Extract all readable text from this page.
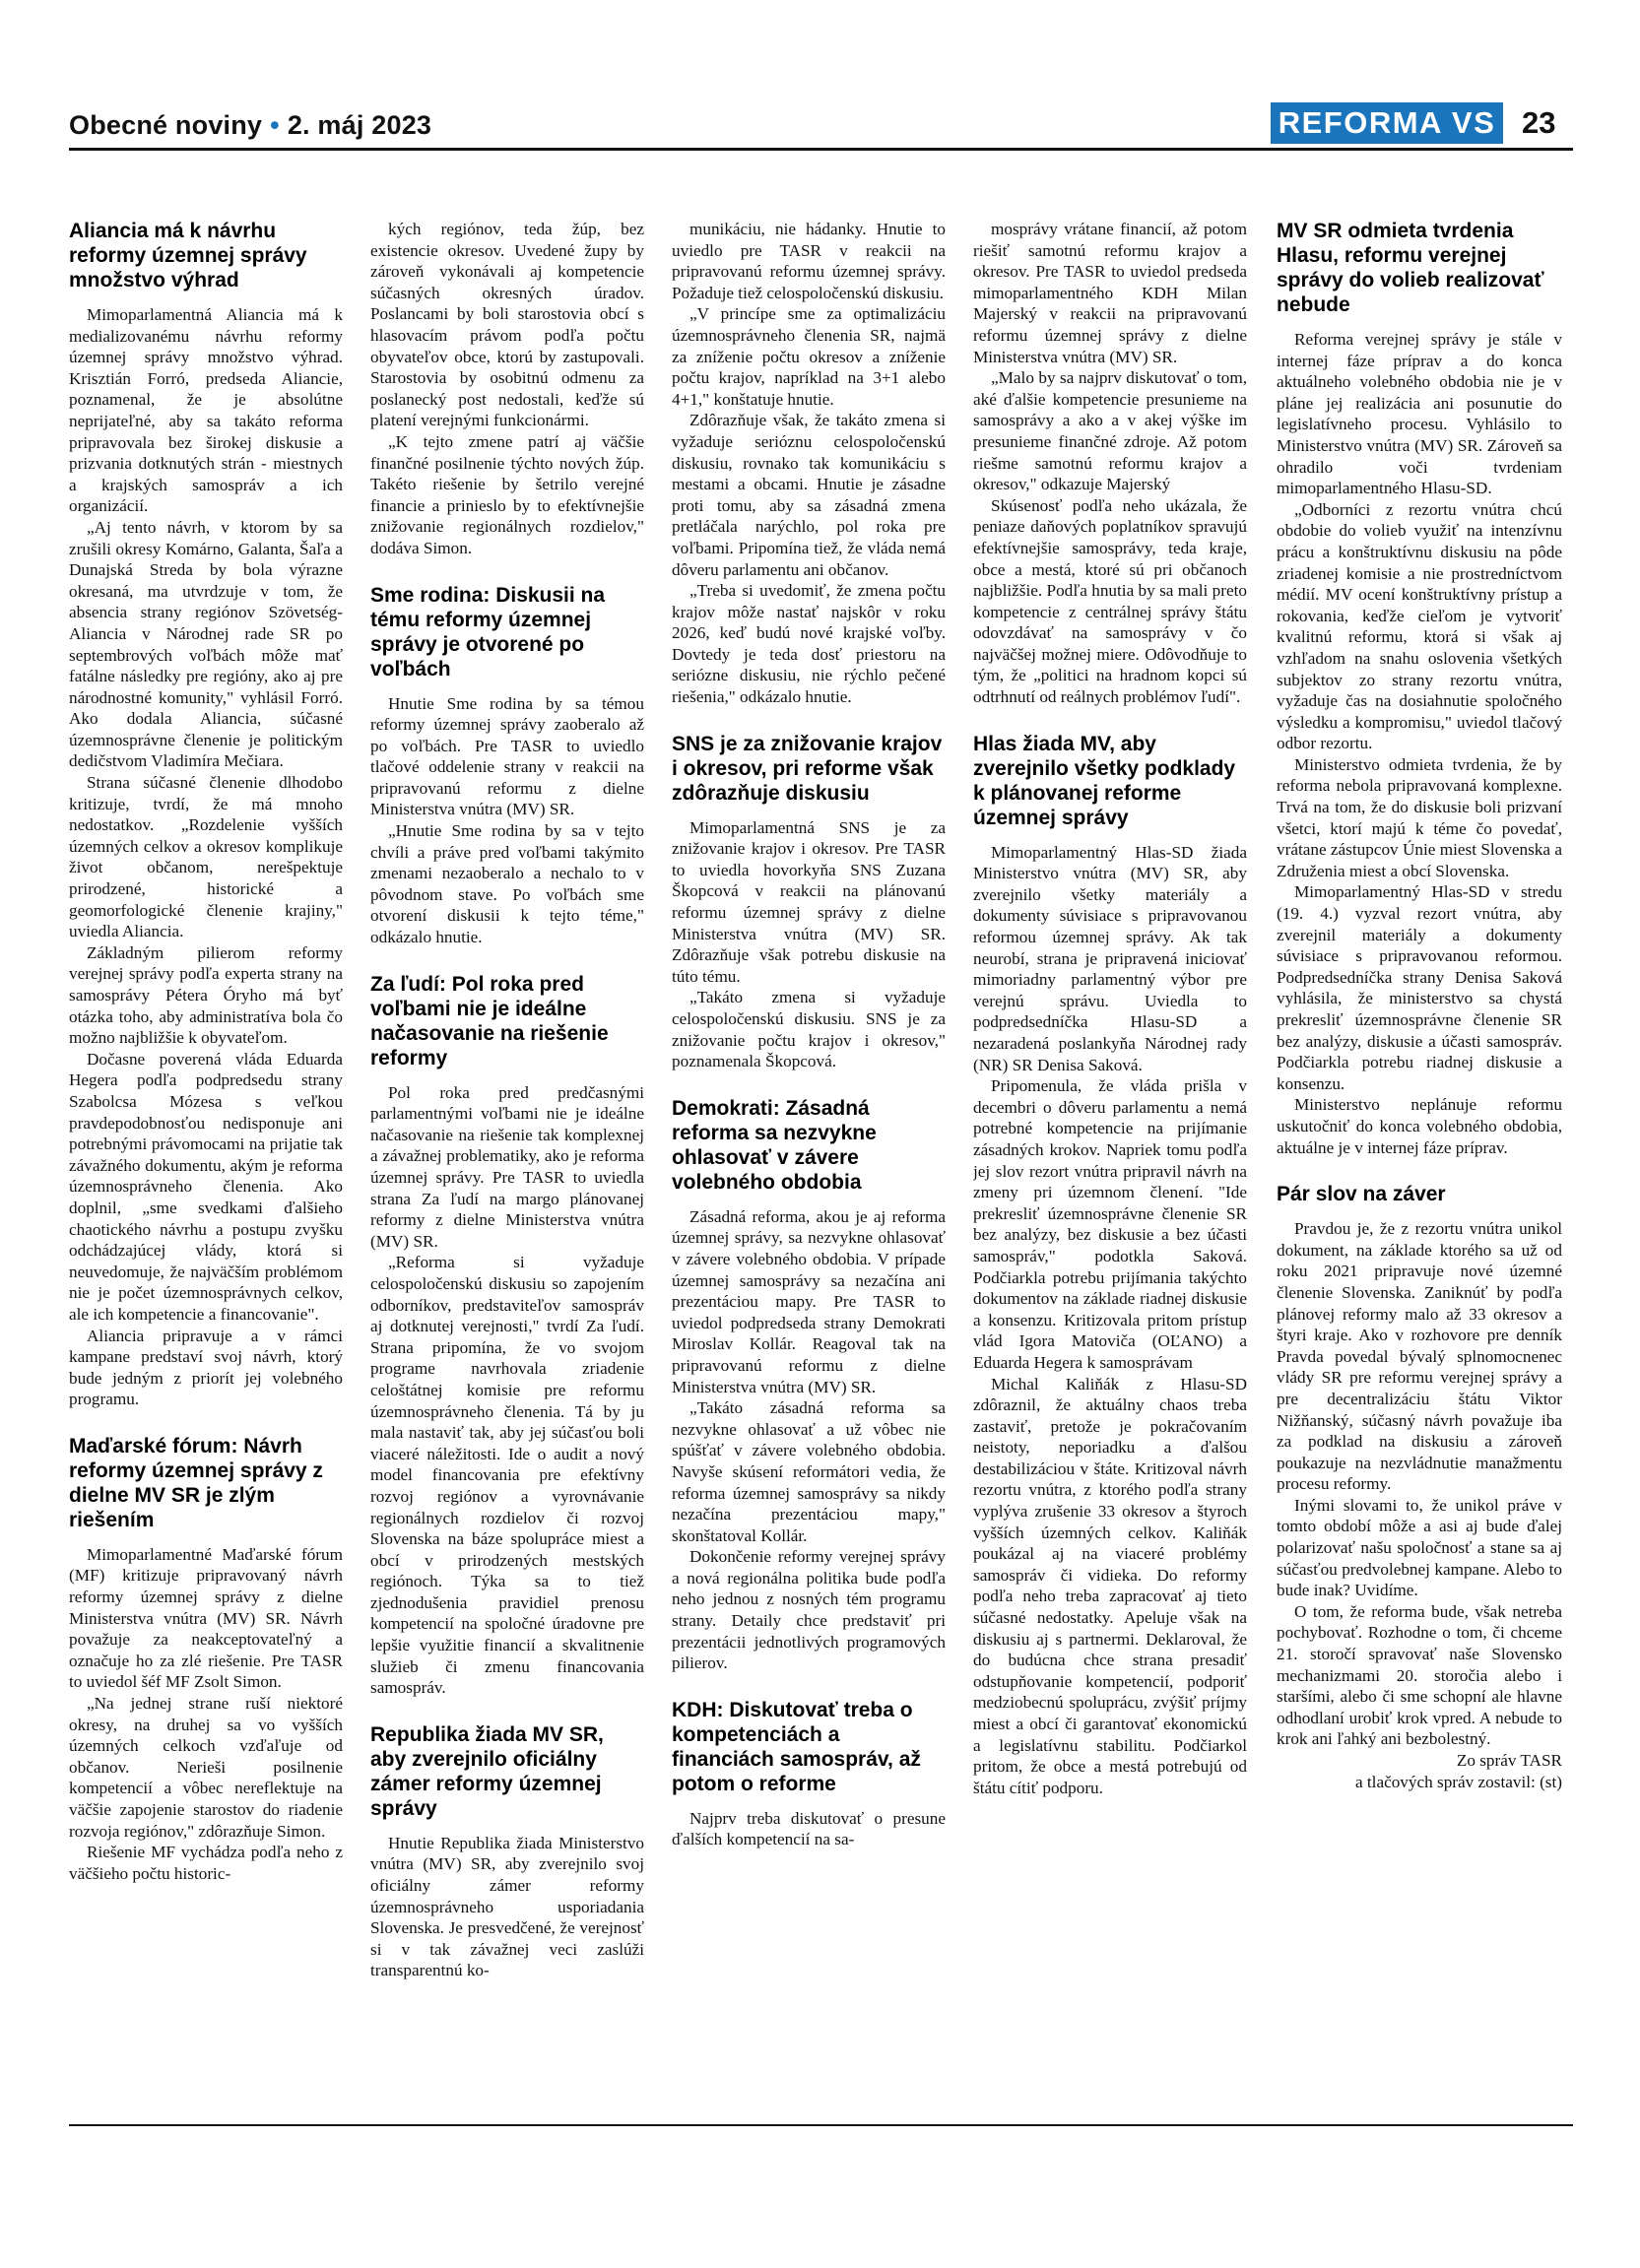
Obecné noviny • 2. máj 2023	REFORMA VS 23
Aliancia má k návrhu reformy územnej správy množstvo výhrad

Mimoparlamentná Aliancia má k medializovanému návrhu reformy územnej správy množstvo výhrad. Krisztián Forró, predseda Aliancie, poznamenal, že je absolútne neprijateľné, aby sa takáto reforma pripravovala bez širokej diskusie a prizvania dotknutých strán - miestnych a krajských samospráv a ich organizácií.

„Aj tento návrh, v ktorom by sa zrušili okresy Komárno, Galanta, Šaľa a Dunajská Streda by bola výrazne okresaná, ma utvrdzuje v tom, že absencia strany regiónov Szövetség-Aliancia v Národnej rade SR po septembrových voľbách môže mať fatálne následky pre regióny, ako aj pre národnostné komunity," vyhlásil Forró. Ako dodala Aliancia, súčasné územnosprávne členenie je politickým dedičstvom Vladimíra Mečiara.

Strana súčasné členenie dlhodobo kritizuje, tvrdí, že má mnoho nedostatkov. „Rozdelenie vyšších územných celkov a okresov komplikuje život občanom, nerešpektuje prirodzené, historické a geomorfologické členenie krajiny," uviedla Aliancia.

Základným pilierom reformy verejnej správy podľa experta strany na samosprávy Pétera Óryho má byť otázka toho, aby administratíva bola čo možno najbližšie k obyvateľom.

Dočasne poverená vláda Eduarda Hegera podľa podpredsedu strany Szabolcsa Mózesa s veľkou pravdepodobnosťou nedisponuje ani potrebnými právomocami na prijatie tak závažného dokumentu, akým je reforma územnosprávneho členenia. Ako doplnil, „sme svedkami ďalšieho chaotického návrhu a postupu zvyšku odchádzajúcej vlády, ktorá si neuvedomuje, že najväčším problémom nie je počet územnosprávnych celkov, ale ich kompetencie a financovanie".

Aliancia pripravuje a v rámci kampane predstaví svoj návrh, ktorý bude jedným z priorít jej volebného programu.

Maďarské fórum: Návrh reformy územnej správy z dielne MV SR je zlým riešením

Mimoparlamentné Maďarské fórum (MF) kritizuje pripravovaný návrh reformy územnej správy z dielne Ministerstva vnútra (MV) SR. Návrh považuje za neakceptovateľný a označuje ho za zlé riešenie. Pre TASR to uviedol šéf MF Zsolt Simon.

„Na jednej strane ruší niektoré okresy, na druhej sa vo vyšších územných celkoch vzďaľuje od občanov. Nerieši posilnenie kompetencií a vôbec nereflektuje na väčšie zapojenie starostov do riadenie rozvoja regiónov," zdôrazňuje Simon.

Riešenie MF vychádza podľa neho z väčšieho počtu historic-

kých regiónov, teda žúp, bez existencie okresov. Uvedené župy by zároveň vykonávali aj kompetencie súčasných okresných úradov. Poslancami by boli starostovia obcí s hlasovacím právom podľa počtu obyvateľov obce, ktorú by zastupovali. Starostovia by osobitnú odmenu za poslanecký post nedostali, keďže sú platení verejnými funkcionármi.

„K tejto zmene patrí aj väčšie finančné posilnenie týchto nových žúp. Takéto riešenie by šetrilo verejné financie a prinieslo by to efektívnejšie znižovanie regionálnych rozdielov," dodáva Simon.

Sme rodina: Diskusii na tému reformy územnej správy je otvorené po voľbách

Hnutie Sme rodina by sa témou reformy územnej správy zaoberalo až po voľbách. Pre TASR to uviedlo tlačové oddelenie strany v reakcii na pripravovanú reformu z dielne Ministerstva vnútra (MV) SR.

„Hnutie Sme rodina by sa v tejto chvíli a práve pred voľbami takýmito zmenami nezaoberalo a nechalo to v pôvodnom stave. Po voľbách sme otvorení diskusii k tejto téme," odkázalo hnutie.

Za ľudí: Pol roka pred voľbami nie je ideálne načasovanie na riešenie reformy

Pol roka pred predčasnými parlamentnými voľbami nie je ideálne načasovanie na riešenie tak komplexnej a závažnej problematiky, ako je reforma územnej správy. Pre TASR to uviedla strana Za ľudí na margo plánovanej reformy z dielne Ministerstva vnútra (MV) SR.

„Reforma si vyžaduje celospoločenskú diskusiu so zapojením odborníkov, predstaviteľov samospráv aj dotknutej verejnosti," tvrdí Za ľudí. Strana pripomína, že vo svojom programe navrhovala zriadenie celoštátnej komisie pre reformu územnosprávneho členenia. Tá by ju mala nastaviť tak, aby jej súčasťou boli viaceré náležitosti. Ide o audit a nový model financovania pre efektívny rozvoj regiónov a vyrovnávanie regionálnych rozdielov či rozvoj Slovenska na báze spolupráce miest a obcí v prirodzených mestských regiónoch. Týka sa to tiež zjednodušenia pravidiel prenosu kompetencií na spoločné úradovne pre lepšie využitie financií a skvalitnenie služieb či zmenu financovania samospráv.

Republika žiada MV SR, aby zverejnilo oficiálny zámer reformy územnej správy

Hnutie Republika žiada Ministerstvo vnútra (MV) SR, aby zverejnilo svoj oficiálny zámer reformy územnosprávneho usporiadania Slovenska. Je presvedčené, že verejnosť si v tak závažnej veci zaslúži transparentnú ko-

munikáciu, nie hádanky. Hnutie to uviedlo pre TASR v reakcii na pripravovanú reformu územnej správy. Požaduje tiež celospoločenskú diskusiu.

„V princípe sme za optimalizáciu územnosprávneho členenia SR, najmä za zníženie počtu okresov a zníženie počtu krajov, napríklad na 3+1 alebo 4+1," konštatuje hnutie.

Zdôrazňuje však, že takáto zmena si vyžaduje serióznu celospoločenskú diskusiu, rovnako tak komunikáciu s mestami a obcami. Hnutie je zásadne proti tomu, aby sa zásadná zmena pretláčala narýchlo, pol roka pre voľbami. Pripomína tiež, že vláda nemá dôveru parlamentu ani občanov.

„Treba si uvedomiť, že zmena počtu krajov môže nastať najskôr v roku 2026, keď budú nové krajské voľby. Dovtedy je teda dosť priestoru na seriózne diskusiu, nie rýchlo pečené riešenia," odkázalo hnutie.

SNS je za znižovanie krajov i okresov, pri reforme však zdôrazňuje diskusiu

Mimoparlamentná SNS je za znižovanie krajov i okresov. Pre TASR to uviedla hovorkyňa SNS Zuzana Škopcová v reakcii na plánovanú reformu územnej správy z dielne Ministerstva vnútra (MV) SR. Zdôrazňuje však potrebu diskusie na túto tému.

„Takáto zmena si vyžaduje celospoločenskú diskusiu. SNS je za znižovanie počtu krajov i okresov," poznamenala Škopcová.

Demokrati: Zásadná reforma sa nezvykne ohlasovať v závere volebného obdobia

Zásadná reforma, akou je aj reforma územnej správy, sa nezvykne ohlasovať v závere volebného obdobia. V prípade územnej samosprávy sa nezačína ani prezentáciou mapy. Pre TASR to uviedol podpredseda strany Demokrati Miroslav Kollár. Reagoval tak na pripravovanú reformu z dielne Ministerstva vnútra (MV) SR.

„Takáto zásadná reforma sa nezvykne ohlasovať a už vôbec nie spúšťať v závere volebného obdobia. Navyše skúsení reformátori vedia, že reforma územnej samosprávy sa nikdy nezačína prezentáciou mapy," skonštatoval Kollár.

Dokončenie reformy verejnej správy a nová regionálna politika bude podľa neho jednou z nosných tém programu strany. Detaily chce predstaviť pri prezentácii jednotlivých programových pilierov.

KDH: Diskutovať treba o kompetenciách a financiách samospráv, až potom o reforme

Najprv treba diskutovať o presune ďalších kompetencií na sa-

mosprávy vrátane financií, až potom riešiť samotnú reformu krajov a okresov. Pre TASR to uviedol predseda mimoparlamentného KDH Milan Majerský v reakcii na pripravovanú reformu územnej správy z dielne Ministerstva vnútra (MV) SR.

„Malo by sa najprv diskutovať o tom, aké ďalšie kompetencie presunieme na samosprávy a ako a v akej výške im presunieme finančné zdroje. Až potom riešme samotnú reformu krajov a okresov," odkazuje Majerský

Skúsenosť podľa neho ukázala, že peniaze daňových poplatníkov spravujú efektívnejšie samosprávy, teda kraje, obce a mestá, ktoré sú pri občanoch najbližšie. Podľa hnutia by sa mali preto kompetencie z centrálnej správy štátu odovzdávať na samosprávy v čo najväčšej možnej miere. Odôvodňuje to tým, že „politici na hradnom kopci sú odtrhnutí od reálnych problémov ľudí".

Hlas žiada MV, aby zverejnilo všetky podklady k plánovanej reforme územnej správy

Mimoparlamentný Hlas-SD žiada Ministerstvo vnútra (MV) SR, aby zverejnilo všetky materiály a dokumenty súvisiace s pripravovanou reformou územnej správy. Ak tak neurobí, strana je pripravená iniciovať mimoriadny parlamentný výbor pre verejnú správu. Uviedla to podpredsedníčka Hlasu-SD a nezaradená poslankyňa Národnej rady (NR) SR Denisa Saková.

Pripomenula, že vláda prišla v decembri o dôveru parlamentu a nemá potrebné kompetencie na prijímanie zásadných krokov. Napriek tomu podľa jej slov rezort vnútra pripravil návrh na zmeny pri územnom členení. "Ide prekresliť územnosprávne členenie SR bez analýzy, bez diskusie a bez účasti samospráv," podotkla Saková. Podčiarkla potrebu prijímania takýchto dokumentov na základe riadnej diskusie a konsenzu. Kritizovala pritom prístup vlád Igora Matoviča (OĽANO) a Eduarda Hegera k samosprávam

Michal Kaliňák z Hlasu-SD zdôraznil, že aktuálny chaos treba zastaviť, pretože je pokračovaním neistoty, neporiadku a ďalšou destabilizáciou v štáte. Kritizoval návrh rezortu vnútra, z ktorého podľa strany vyplýva zrušenie 33 okresov a štyroch vyšších územných celkov. Kaliňák poukázal aj na viaceré problémy samospráv či vidieka. Do reformy podľa neho treba zapracovať aj tieto súčasné nedostatky. Apeluje však na diskusiu aj s partnermi. Deklaroval, že do budúcna chce strana presadiť odstupňovanie kompetencií, podporiť medziobecnú spoluprácu, zvýšiť príjmy miest a obcí či garantovať ekonomickú a legislatívnu stabilitu. Podčiarkol pritom, že obce a mestá potrebujú od štátu cítiť podporu.

MV SR odmieta tvrdenia Hlasu, reformu verejnej správy do volieb realizovať nebude

Reforma verejnej správy je stále v internej fáze príprav a do konca aktuálneho volebného obdobia nie je v pláne jej realizácia ani posunutie do legislatívneho procesu. Vyhlásilo to Ministerstvo vnútra (MV) SR. Zároveň sa ohradilo voči tvrdeniam mimoparlamentného Hlasu-SD.

„Odborníci z rezortu vnútra chcú obdobie do volieb využiť na intenzívnu prácu a konštruktívnu diskusiu na pôde zriadenej komisie a nie prostredníctvom médií. MV ocení konštruktívny prístup a rokovania, keďže cieľom je vytvoriť kvalitnú reformu, ktorá si však aj vzhľadom na snahu oslovenia všetkých subjektov zo strany rezortu vnútra, vyžaduje čas na dosiahnutie spoločného výsledku a kompromisu," uviedol tlačový odbor rezortu.

Ministerstvo odmieta tvrdenia, že by reforma nebola pripravovaná komplexne. Trvá na tom, že do diskusie boli prizvaní všetci, ktorí majú k téme čo povedať, vrátane zástupcov Únie miest Slovenska a Združenia miest a obcí Slovenska.

Mimoparlamentný Hlas-SD v stredu (19. 4.) vyzval rezort vnútra, aby zverejnil materiály a dokumenty súvisiace s pripravovanou reformou. Podpredsedníčka strany Denisa Saková vyhlásila, že ministerstvo sa chystá prekresliť územnosprávne členenie SR bez analýzy, diskusie a účasti samospráv. Podčiarkla potrebu riadnej diskusie a konsenzu.

Ministerstvo neplánuje reformu uskutočniť do konca volebného obdobia, aktuálne je v internej fáze príprav.

Pár slov na záver

Pravdou je, že z rezortu vnútra unikol dokument, na základe ktorého sa už od roku 2021 pripravuje nové územné členenie Slovenska. Zaniknúť by podľa plánovej reformy malo až 33 okresov a štyri kraje. Ako v rozhovore pre denník Pravda povedal bývalý splnomocnenec vlády SR pre reformu verejnej správy a pre decentralizáciu štátu Viktor Nižňanský, súčasný návrh považuje iba za podklad na diskusiu a zároveň poukazuje na nezvládnutie manažmentu procesu reformy.

Inými slovami to, že unikol práve v tomto období môže a asi aj bude ďalej polarizovať našu spoločnosť a stane sa aj súčasťou predvolebnej kampane. Alebo to bude inak? Uvidíme.

O tom, že reforma bude, však netreba pochybovať. Rozhodne o tom, či chceme 21. storočí spravovať naše Slovensko mechanizmami 20. storočia alebo i staršími, alebo či sme schopní ale hlavne odhodlaní urobiť krok vpred. A nebude to krok ani ľahký ani bezbolestný.

Zo správ TASR

a tlačových správ zostavil: (st)
